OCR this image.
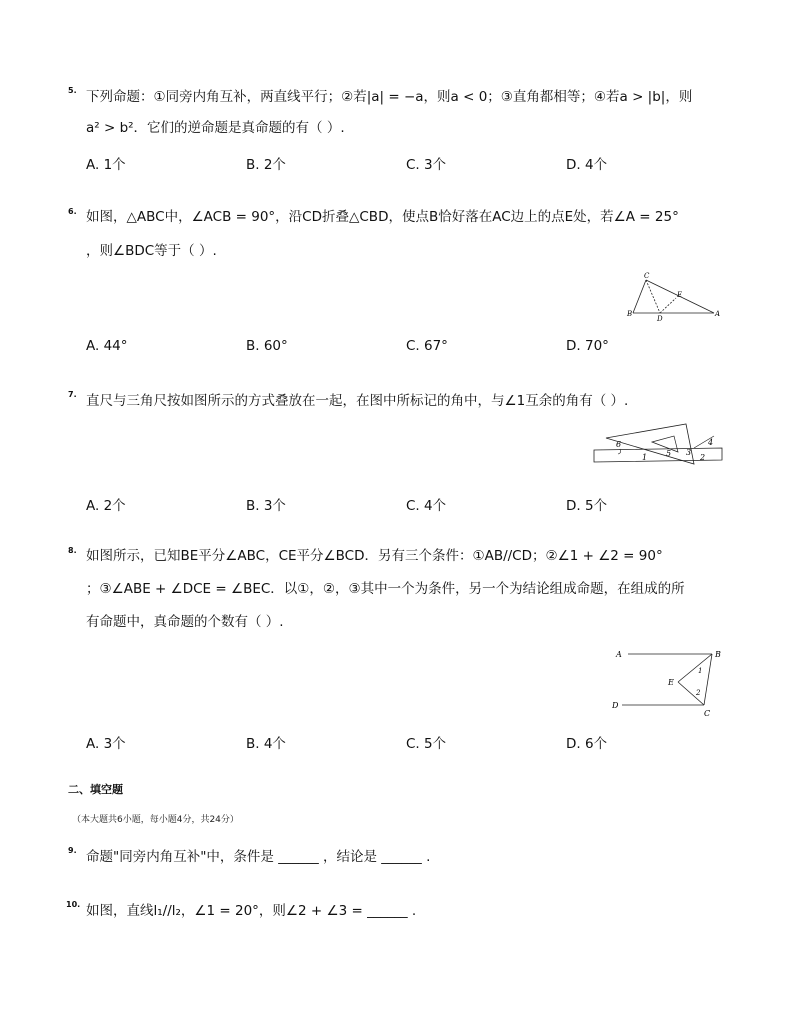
5. 下列命题：①同旁内角互补，两直线平行；②若|a| = −a，则a < 0；③直角都相等；④若a > |b|，则
a² > b²．它们的逆命题是真命题的有（ ）.
A. 1个	B. 2个	C. 3个	D. 4个
6. 如图，△ABC中，∠ACB = 90°，沿CD折叠△CBD，使点B恰好落在AC边上的点E处，若∠A = 25°
，则∠BDC等于（ ）.
C
E
B
D
A
A. 44°	B. 60°	C. 67°	D. 70°
7. 直尺与三角尺按如图所示的方式叠放在一起，在图中所标记的角中，与∠1互余的角有（ ）.
6
1 5 3
4
2
A. 2个	B. 3个	C. 4个	D. 5个
8. 如图所示，已知BE平分∠ABC，CE平分∠BCD．另有三个条件：①AB//CD；②∠1 + ∠2 = 90°
；③∠ABE + ∠DCE = ∠BEC．以①，②，③其中一个为条件，另一个为结论组成命题，在组成的所
有命题中，真命题的个数有（ ）.
A	B
E
1
2
D
C
A. 3个	B. 4个	C. 5个	D. 6个
二、填空题
（本大题共6小题，每小题4分，共24分）
9. 命题"同旁内角互补"中，条件是 ______ ，结论是 ______ .
10. 如图，直线l₁//l₂，∠1 = 20°，则∠2 + ∠3 = ______ .
